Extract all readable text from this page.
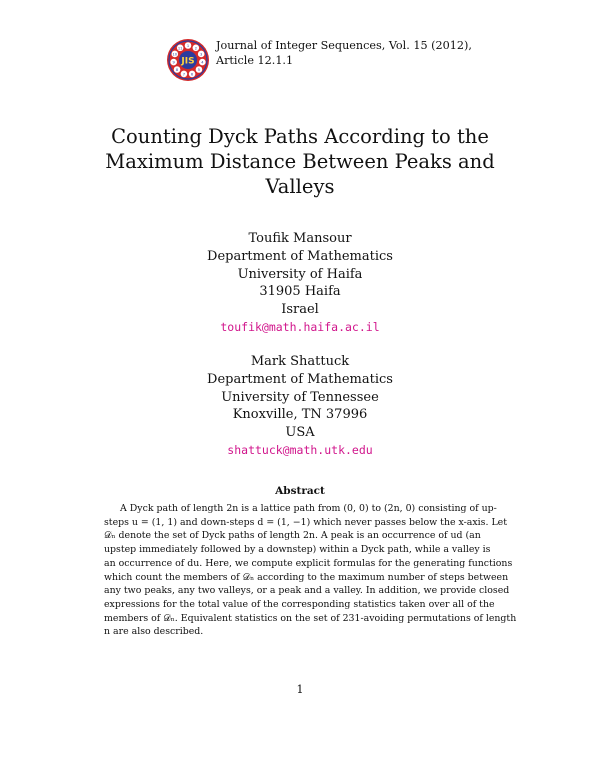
1
2
3
4
5
6
7
8
9
10
11
JIS
Journal of Integer Sequences, Vol. 15 (2012),
Article 12.1.1
Counting Dyck Paths According to the
Maximum Distance Between Peaks and
Valleys
Toufik Mansour
Department of Mathematics
University of Haifa
31905 Haifa
Israel
toufik@math.haifa.ac.il
Mark Shattuck
Department of Mathematics
University of Tennessee
Knoxville, TN 37996
USA
shattuck@math.utk.edu
Abstract
A Dyck path of length 2n is a lattice path from (0, 0) to (2n, 0) consisting of up-
steps u = (1, 1) and down-steps d = (1, −1) which never passes below the x-axis. Let
𝒟ₙ denote the set of Dyck paths of length 2n. A peak is an occurrence of ud (an
upstep immediately followed by a downstep) within a Dyck path, while a valley is
an occurrence of du. Here, we compute explicit formulas for the generating functions
which count the members of 𝒟ₙ according to the maximum number of steps between
any two peaks, any two valleys, or a peak and a valley. In addition, we provide closed
expressions for the total value of the corresponding statistics taken over all of the
members of 𝒟ₙ. Equivalent statistics on the set of 231-avoiding permutations of length
n are also described.
1
